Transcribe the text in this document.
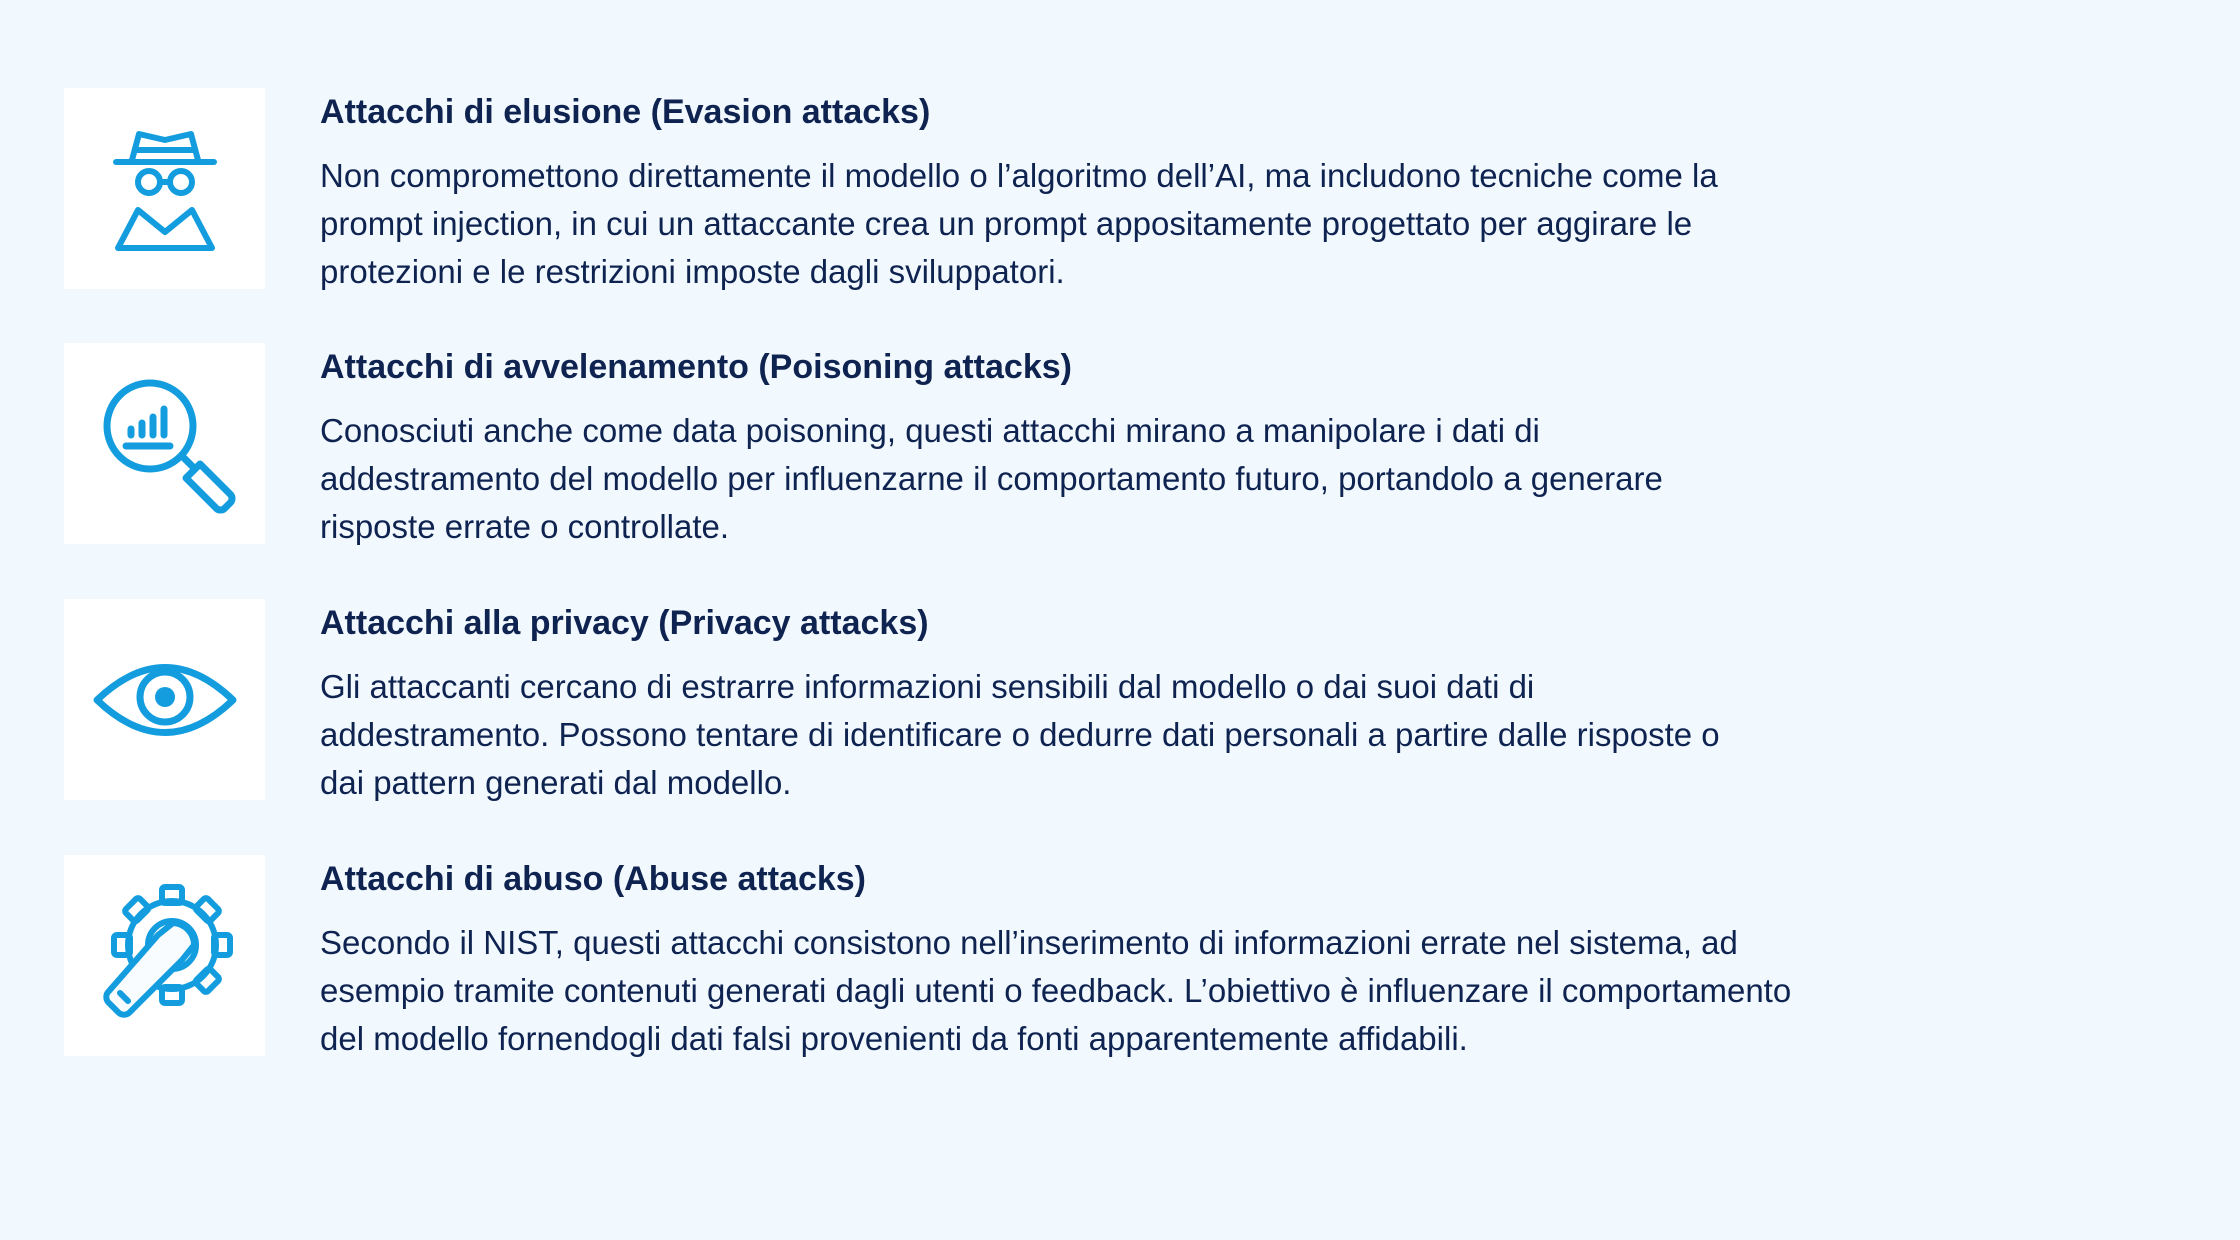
Attacchi di elusione (Evasion attacks)

Non compromettono direttamente il modello o l’algoritmo dell’AI, ma includono tecniche come la
prompt injection, in cui un attaccante crea un prompt appositamente progettato per aggirare le
protezioni e le restrizioni imposte dagli sviluppatori.

Attacchi di avvelenamento (Poisoning attacks)

Conosciuti anche come data poisoning, questi attacchi mirano a manipolare i dati di
addestramento del modello per influenzarne il comportamento futuro, portandolo a generare
risposte errate o controllate.

Attacchi alla privacy (Privacy attacks)

Gli attaccanti cercano di estrarre informazioni sensibili dal modello o dai suoi dati di
addestramento. Possono tentare di identificare o dedurre dati personali a partire dalle risposte o
dai pattern generati dal modello.

Attacchi di abuso (Abuse attacks)

Secondo il NIST, questi attacchi consistono nell’inserimento di informazioni errate nel sistema, ad
esempio tramite contenuti generati dagli utenti o feedback. L’obiettivo è influenzare il comportamento
del modello fornendogli dati falsi provenienti da fonti apparentemente affidabili.
